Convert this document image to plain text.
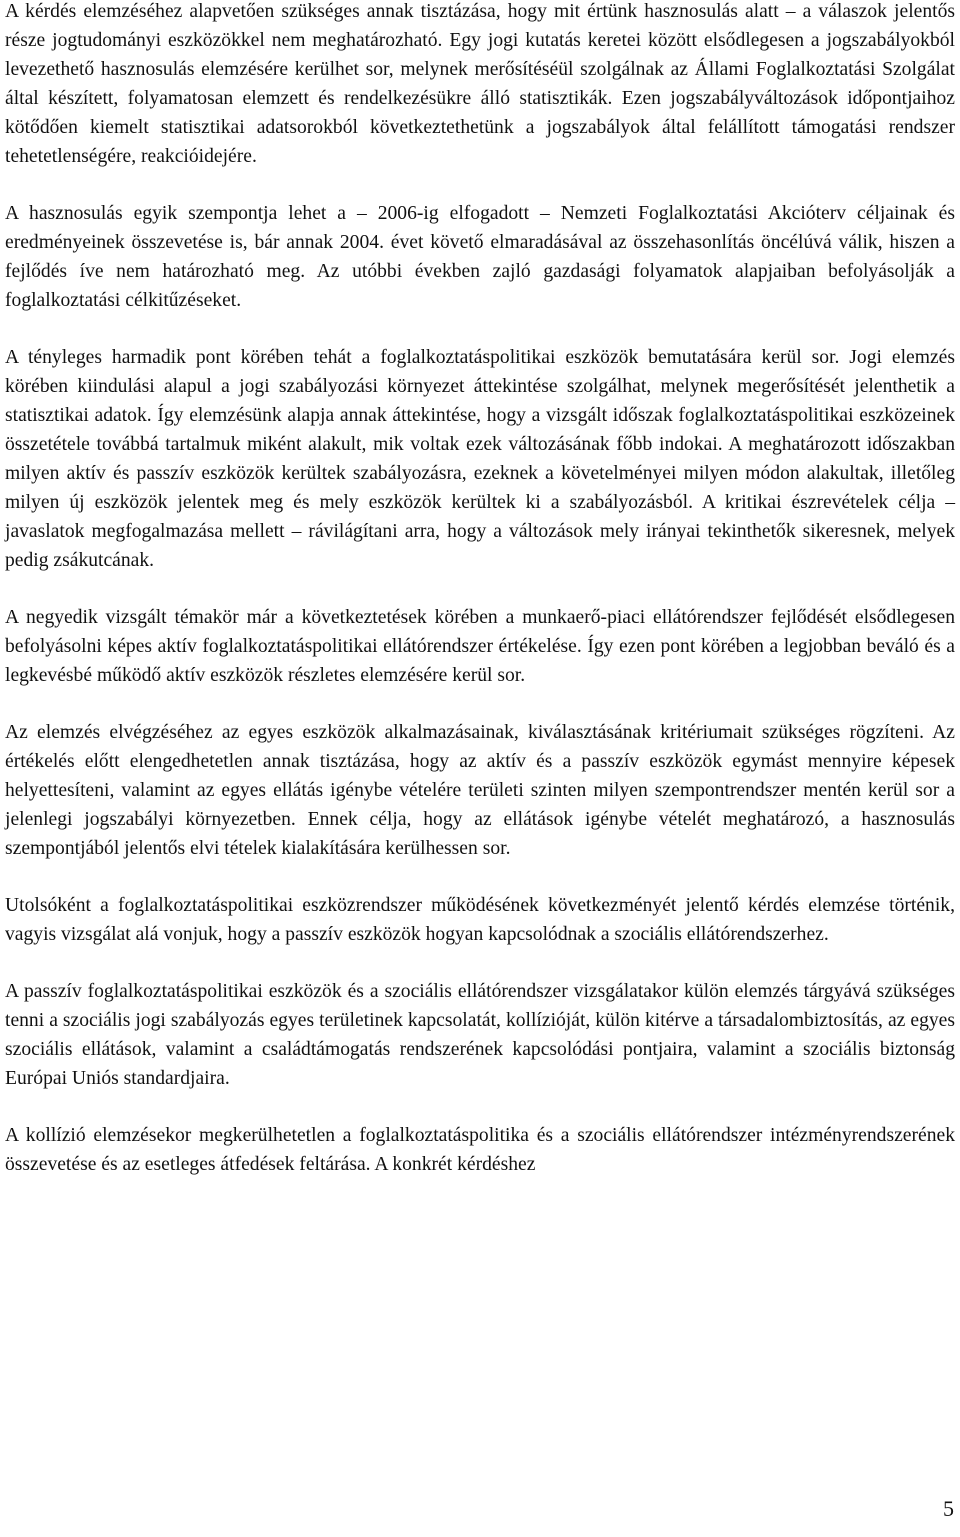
A kérdés elemzéséhez alapvetően szükséges annak tisztázása, hogy mit értünk hasznosulás alatt – a válaszok jelentős része jogtudományi eszközökkel nem meghatározható. Egy jogi kutatás keretei között elsődlegesen a jogszabályokból levezethető hasznosulás elemzésére kerülhet sor, melynek merősítéséül szolgálnak az Állami Foglalkoztatási Szolgálat által készített, folyamatosan elemzett és rendelkezésükre álló statisztikák. Ezen jogszabályváltozások időpontjaihoz kötődően kiemelt statisztikai adatsorokból következtethetünk a jogszabályok által felállított támogatási rendszer tehetetlenségére, reakcióidejére.

A hasznosulás egyik szempontja lehet a – 2006-ig elfogadott – Nemzeti Foglalkoztatási Akcióterv céljainak és eredményeinek összevetése is, bár annak 2004. évet követő elmaradásával az összehasonlítás öncélúvá válik, hiszen a fejlődés íve nem határozható meg. Az utóbbi években zajló gazdasági folyamatok alapjaiban befolyásolják a foglalkoztatási célkitűzéseket.

A tényleges harmadik pont körében tehát a foglalkoztatáspolitikai eszközök bemutatására kerül sor. Jogi elemzés körében kiindulási alapul a jogi szabályozási környezet áttekintése szolgálhat, melynek megerősítését jelenthetik a statisztikai adatok. Így elemzésünk alapja annak áttekintése, hogy a vizsgált időszak foglalkoztatáspolitikai eszközeinek összetétele továbbá tartalmuk miként alakult, mik voltak ezek változásának főbb indokai. A meghatározott időszakban milyen aktív és passzív eszközök kerültek szabályozásra, ezeknek a követelményei milyen módon alakultak, illetőleg milyen új eszközök jelentek meg és mely eszközök kerültek ki a szabályozásból. A kritikai észrevételek célja – javaslatok megfogalmazása mellett – rávilágítani arra, hogy a változások mely irányai tekinthetők sikeresnek, melyek pedig zsákutcának.

A negyedik vizsgált témakör már a következtetések körében a munkaerő-piaci ellátórendszer fejlődését elsődlegesen befolyásolni képes aktív foglalkoztatáspolitikai ellátórendszer értékelése. Így ezen pont körében a legjobban beváló és a legkevésbé működő aktív eszközök részletes elemzésére kerül sor.

Az elemzés elvégzéséhez az egyes eszközök alkalmazásainak, kiválasztásának kritériumait szükséges rögzíteni. Az értékelés előtt elengedhetetlen annak tisztázása, hogy az aktív és a passzív eszközök egymást mennyire képesek helyettesíteni, valamint az egyes ellátás igénybe vételére területi szinten milyen szempontrendszer mentén kerül sor a jelenlegi jogszabályi környezetben. Ennek célja, hogy az ellátások igénybe vételét meghatározó, a hasznosulás szempontjából jelentős elvi tételek kialakítására kerülhessen sor.

Utolsóként a foglalkoztatáspolitikai eszközrendszer működésének következményét jelentő kérdés elemzése történik, vagyis vizsgálat alá vonjuk, hogy a passzív eszközök hogyan kapcsolódnak a szociális ellátórendszerhez.

A passzív foglalkoztatáspolitikai eszközök és a szociális ellátórendszer vizsgálatakor külön elemzés tárgyává szükséges tenni a szociális jogi szabályozás egyes területinek kapcsolatát, kollízióját, külön kitérve a társadalombiztosítás, az egyes szociális ellátások, valamint a családtámogatás rendszerének kapcsolódási pontjaira, valamint a szociális biztonság Európai Uniós standardjaira.

A kollízió elemzésekor megkerülhetetlen a foglalkoztatáspolitika és a szociális ellátórendszer intézményrendszerének összevetése és az esetleges átfedések feltárása. A konkrét kérdéshez

5
